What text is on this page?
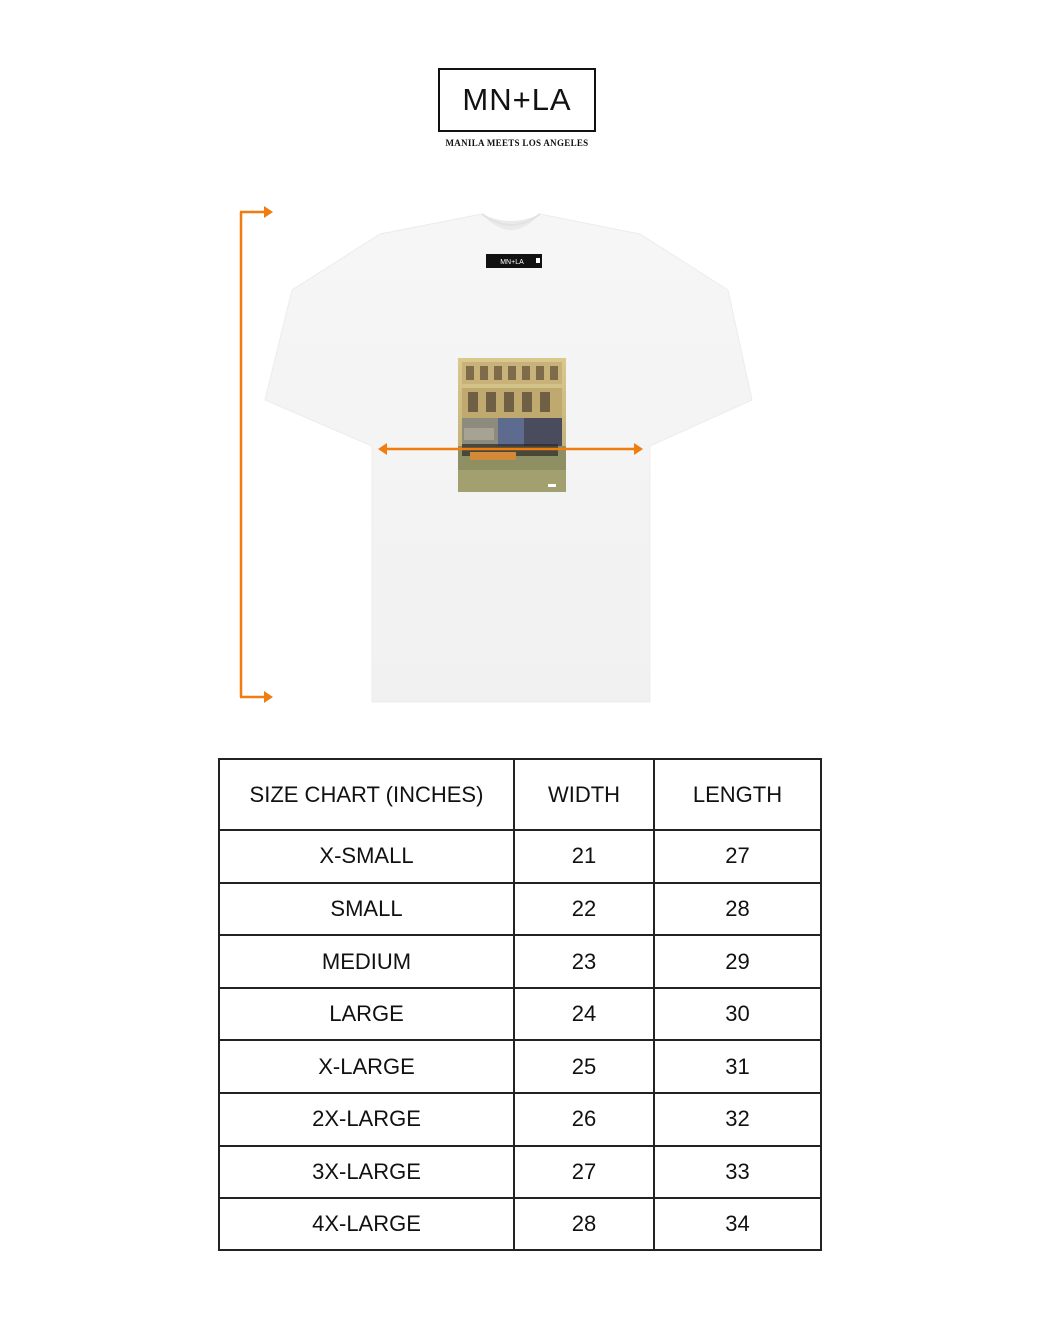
MN+LA
MANILA MEETS LOS ANGELES
MN+LA
SIZE CHART (INCHES)	WIDTH	LENGTH
X-SMALL	21	27
SMALL	22	28
MEDIUM	23	29
LARGE	24	30
X-LARGE	25	31
2X-LARGE	26	32
3X-LARGE	27	33
4X-LARGE	28	34
